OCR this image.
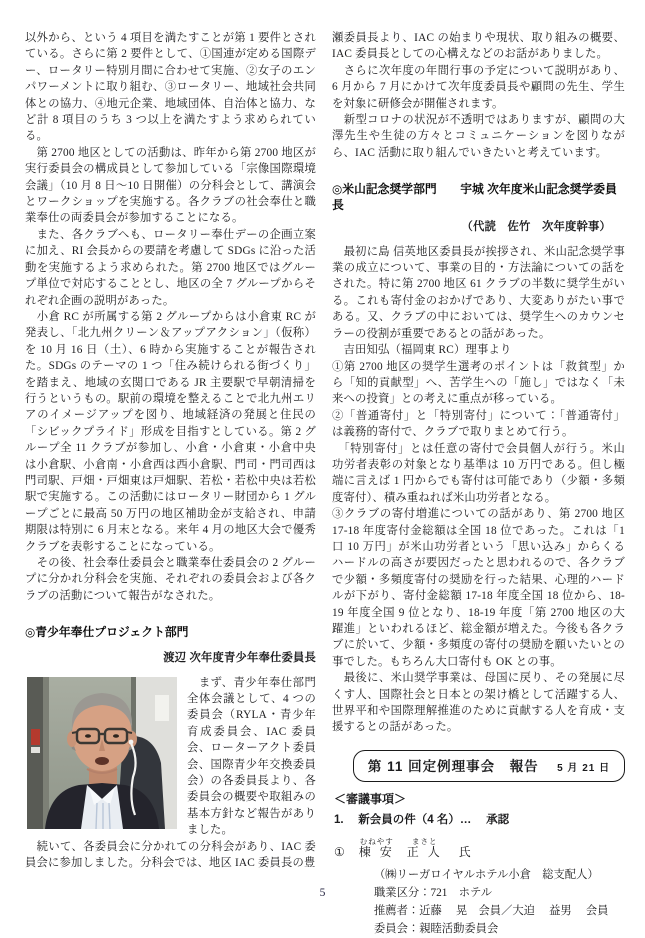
以外から、という 4 項目を満たすことが第 1 要件とされている。さらに第 2 要件として、①国連が定める国際デー、ロータリー特別月間に合わせて実施、②女子のエンパワーメントに取り組む、③ロータリー、地域社会共同体との協力、④地元企業、地域団体、自治体と協力、など計 8 項目のうち 3 つ以上を満たすよう求められている。

　第 2700 地区としての活動は、昨年から第 2700 地区が実行委員会の構成員として参加している「宗像国際環境会議」（10 月 8 日～10 日開催）の分科会として、講演会とワークショップを実施する。各クラブの社会奉仕と職業奉仕の両委員会が参加することになる。

　また、各クラブへも、ロータリー奉仕デーの企画立案に加え、RI 会長からの要請を考慮して SDGs に沿った活動を実施するよう求められた。第 2700 地区ではグループ単位で対応することとし、地区の全 7 グループからそれぞれ企画の説明があった。

　小倉 RC が所属する第 2 グループからは小倉東 RC が発表し、「北九州クリーン＆アップアクション」（仮称）を 10 月 16 日（土）、6 時から実施することが報告された。SDGs のテーマの 1 つ「住み続けられる街づくり」を踏まえ、地域の玄関口である JR 主要駅で早朝清掃を行うというもの。駅前の環境を整えることで北九州エリアのイメージアップを図り、地域経済の発展と住民の「シビックプライド」形成を目指すとしている。第 2 グループ全 11 クラブが参加し、小倉・小倉東・小倉中央は小倉駅、小倉南・小倉西は西小倉駅、門司・門司西は門司駅、戸畑・戸畑東は戸畑駅、若松・若松中央は若松駅で実施する。この活動にはロータリー財団から 1 グループごとに最高 50 万円の地区補助金が支給され、申請期限は特別に 6 月末となる。来年 4 月の地区大会で優秀クラブを表彰することになっている。

　その後、社会奉仕委員会と職業奉仕委員会の 2 グループに分かれ分科会を実施、それぞれの委員会および各クラブの活動について報告がなされた。

◎青少年奉仕プロジェクト部門

渡辺 次年度青少年奉仕委員長

　まず、青少年奉仕部門全体会議として、4 つの委員会（RYLA・青少年育成委員会、IAC 委員会、ローターアクト委員会、国際青少年交換委員会）の各委員長より、各委員会の概要や取組みの基本方針など報告がありました。

　続いて、各委員会に分かれての分科会があり、IAC 委員会に参加しました。分科会では、地区 IAC 委員長の豊

瀬委員長より、IAC の始まりや現状、取り組みの概要、IAC 委員長としての心構えなどのお話がありました。

　さらに次年度の年間行事の予定について説明があり、6 月から 7 月にかけて次年度委員長や顧問の先生、学生を対象に研修会が開催されます。

　新型コロナの状況が不透明ではありますが、顧問の大澤先生や生徒の方々とコミュニケーションを図りながら、IAC 活動に取り組んでいきたいと考えています。

◎米山記念奨学部門　　宇城 次年度米山記念奨学委員長

（代読　佐竹　次年度幹事）

　最初に島 信英地区委員長が挨拶され、米山記念奨学事業の成立について、事業の目的・方法論についての話をされた。特に第 2700 地区 61 クラブの半数に奨学生がいる。これも寄付金のおかげであり、大変ありがたい事である。又、クラブの中においては、奨学生へのカウンセラーの役割が重要であるとの話があった。

　吉田知弘（福岡東 RC）理事より

①第 2700 地区の奨学生選考のポイントは「救貧型」から「知的貢献型」へ、苦学生への「施し」ではなく「未来への投資」との考えに重点が移っている。

②「普通寄付」と「特別寄付」について：「普通寄付」は義務的寄付で、クラブで取りまとめて行う。

　「特別寄付」とは任意の寄付で会員個人が行う。米山功労者表彰の対象となり基準は 10 万円である。但し極端に言えば 1 円からでも寄付は可能であり（少額・多頻度寄付）、積み重ねれば米山功労者となる。

③クラブの寄付増進についての話があり、第 2700 地区 17-18 年度寄付金総額は全国 18 位であった。これは「1 口 10 万円」が米山功労者という「思い込み」からくるハードルの高さが要因だったと思われるので、各クラブで少額・多頻度寄付の奨励を行った結果、心理的ハードルが下がり、寄付金総額 17-18 年度全国 18 位から、18-19 年度全国 9 位となり、18-19 年度「第 2700 地区の大躍進」といわれるほど、総金額が増えた。今後も各クラブに於いて、少額・多頻度の寄付の奨励を願いたいとの事でした。もちろん大口寄付も OK との事。

　最後に、米山奨学事業は、母国に戻り、その発展に尽くす人、国際社会と日本との架け橋として活躍する人、世界平和や国際理解推進のために貢献する人を育成・支援するとの話があった。

第 11 回定例理事会　報告 5 月 21 日
＜審議事項＞
1.　 新会員の件（4 名）…　 承認
① 棟 安むねやす
正 人まさと
氏
（㈱リーガロイヤルホテル小倉　総支配人）
職業区分：721　ホテル
推薦者：近藤　 晃　会員／大迫　 益男　 会員
委員会：親睦活動委員会
5
